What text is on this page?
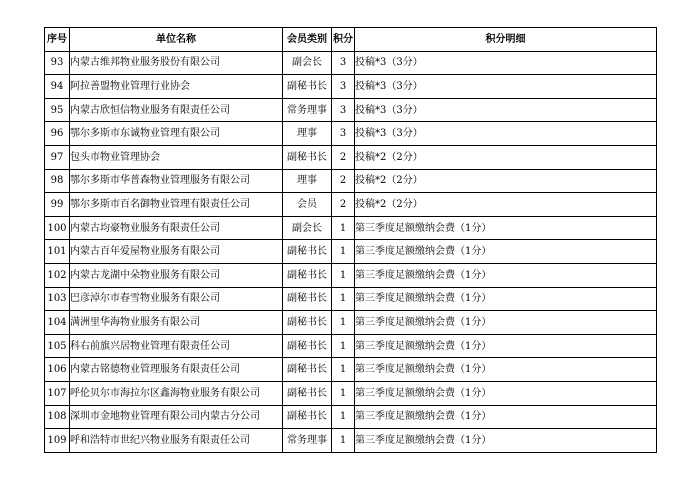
序号	单位名称	会员类别	积分	积分明细
93	内蒙古维邦物业服务股份有限公司	副会长	3	投稿*3（3分）
94	阿拉善盟物业管理行业协会	副秘书长	3	投稿*3（3分）
95	内蒙古欣恒信物业服务有限责任公司	常务理事	3	投稿*3（3分）
96	鄂尔多斯市东诚物业管理有限公司	理事	3	投稿*3（3分）
97	包头市物业管理协会	副秘书长	2	投稿*2（2分）
98	鄂尔多斯市华普森物业管理服务有限公司	理事	2	投稿*2（2分）
99	鄂尔多斯市百名御物业管理有限责任公司	会员	2	投稿*2（2分）
100	内蒙古均豪物业服务有限责任公司	副会长	1	第三季度足额缴纳会费（1分）
101	内蒙古百年爱屋物业服务有限公司	副秘书长	1	第三季度足额缴纳会费（1分）
102	内蒙古龙湖中朵物业服务有限公司	副秘书长	1	第三季度足额缴纳会费（1分）
103	巴彦淖尔市春雪物业服务有限公司	副秘书长	1	第三季度足额缴纳会费（1分）
104	满洲里华海物业服务有限公司	副秘书长	1	第三季度足额缴纳会费（1分）
105	科右前旗兴居物业管理有限责任公司	副秘书长	1	第三季度足额缴纳会费（1分）
106	内蒙古铭德物业管理服务有限责任公司	副秘书长	1	第三季度足额缴纳会费（1分）
107	呼伦贝尔市海拉尔区鑫海物业服务有限公司	副秘书长	1	第三季度足额缴纳会费（1分）
108	深圳市金地物业管理有限公司内蒙古分公司	副秘书长	1	第三季度足额缴纳会费（1分）
109	呼和浩特市世纪兴物业服务有限责任公司	常务理事	1	第三季度足额缴纳会费（1分）
